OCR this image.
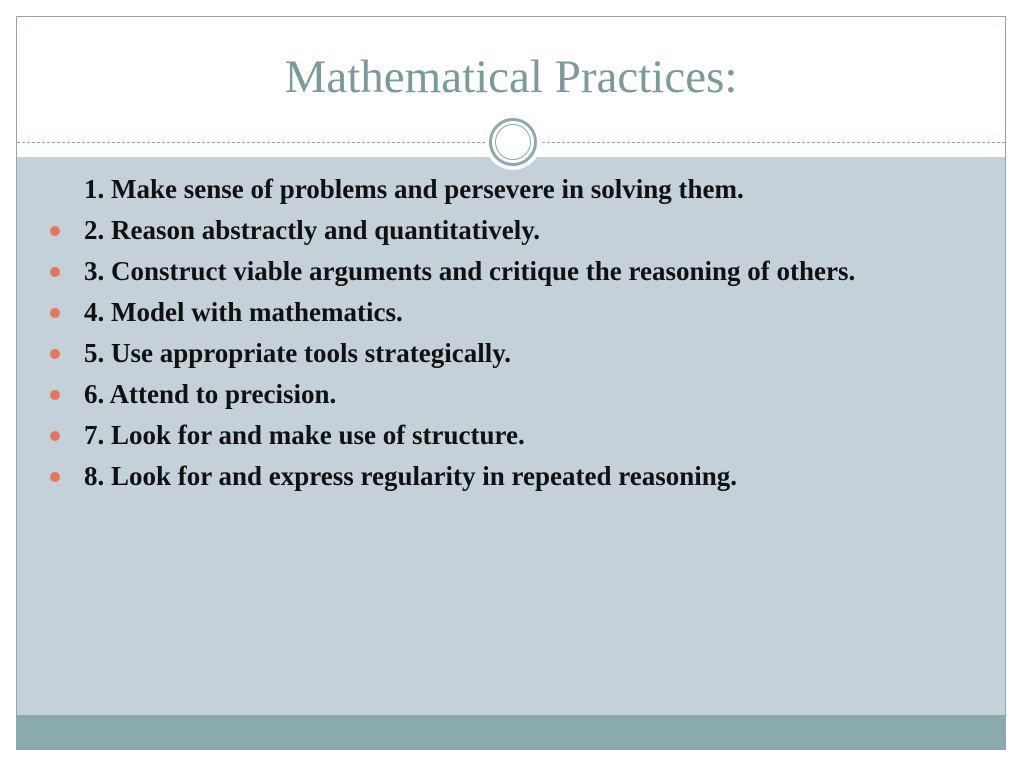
Mathematical Practices:
1. Make sense of problems and persevere in solving them.
2. Reason abstractly and quantitatively.
3. Construct viable arguments and critique the reasoning of others.
4. Model with mathematics.
5. Use appropriate tools strategically.
6. Attend to precision.
7. Look for and make use of structure.
8. Look for and express regularity in repeated reasoning.
